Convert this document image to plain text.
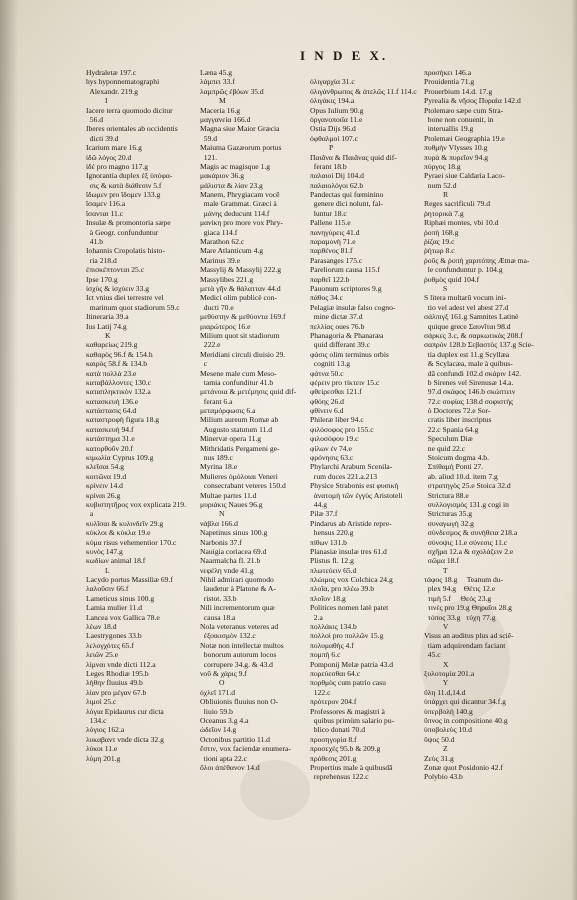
I N D E X.
Hydraletæ 197.c
hys hyponnematographi
Alexandr. 219.g
I
Iacere terra quomodo dicitur
56.d
Iberes orientales ab occidentis
dicti 39.d
Icarium mare 16.g
ἰδῶ λόγος 20.d
ἰδέ pro magno 117.g
Ignorantia duplex ἐξ ὑπόφα-
σις & κατὰ διάθεσιν 5.f
ἴδωμεν pro ἴδομεν 133.g
ἴσαμεν 116.a
ἴσανται 11.c
Insulæ & promontoria sæpe
à Geogr. confunduntur
41.b
Iohannis Cropolatis histo-
ria 218.d
ἐπισκέπτονται 25.c
Ipse 170.g
ἰσχὺς & ἰσχύειν 33.g
Ict vnius diei terrestre vel
marinum quot stadiorum 59.c
Itineraria 39.a
Ius Latij 74.g
K
καθαρείως 219.g
καθαρὸς 96.f & 154.h
καιρὸς 58.f & 134.b
κατὰ πολλὰ 23.e
καταβάλλοντες 130.c
καταπληκτικὸν 132.a
κατασκευὴ 136.e
κατάστασις 64.d
καταστροφὴ figura 18.g
κατασκευὴ 94.f
κατάστημα 31.e
κατορθοῦν 20.f
κιμωλία Cyprus 109.g
κλεῖσαι 54.g
κοιτῶνα 19.d
κρίνειν 14.d
κρίναι 26.g
κυβιστητῆρος vox explicata 219.
a
κυλῖσαι & κυλινδεῖν 29.g
κύκλοι & κύκλα 19.e
κύμα risus vehementior 170.c
κυνὸς 147.g
κωδίων animal 18.f
L
Lacydo portus Massiliæ 69.f
λαλοῦσιν 66.f
Lameticus sinus 100.g
Lamia mulier 11.d
Lancea vox Gallica 78.e
λέων 18.d
Laestrygones 33.b
λελογχότες 65.f
λειῶν 25.e
λίμναι vnde dicti 112.a
Leges Rhodiæ 195.b
λήθην fluuius 49.b
λίαν pro μέγαν 67.b
λιμοὶ 25.c
λόγια Epidaurus cur dicta
134.c
λόγιος 162.a
λυκαβαντ vnde dicta 32.g
λύκοι 11.e
λύμη 201.g
Læna 45.g
λάμπει 33.f
λαμπρῶς ἐβόων 35.d
M
Maceria 16.g
μαγγανεία 166.d
Magna siue Maior Græcia
59.d
Maiuma Gazæorum portus
121.
Magis ac magisque 1.g
μακάριον 36.g
μάλιστα & λίαν 23.g
Manem, Phrygiacam vocē
male Grammat. Græci à
μάνης deducunt 114.f
μανίκη pro more vox Phry-
giaca 114.f
Marathon 62.c
Mare Atlanticum 4.g
Marinus 39.e
Massylij & Massylij 222.g
Massylibes 221.g
μετὰ γῆν & θάλατταν 44.d
Medici olim publicè con-
ducti 70.e
μεθύστην & μεθύοντα 169.f
μιαρώτερος 16.e
Milium quot sit stadiorum
222.e
Meridiani circuli diuisio 29.
c
Mesene male cum Meso-
tamia confunditur 41.b
μετάνοια & μετέμησις quid dif-
ferant 6.a
μεταμόρφωσις 6.a
Milium aureum Romæ ab
Augusto statutum 11.d
Minervæ opera 11.g
Mithridatis Pergameni ge-
nus 189.c
Myrina 18.e
Mulieres ὁμόλοιαι Veneri
consecrabant veteres 150.d
Multae partes 11.d
μυριάκις Naues 96.g
N
νάβλα 166.d
Napetinus sinus 100.g
Narbonis 37.f
Nauigia coriacea 69.d
Naarmalcha fl. 21.b
νεφέλη vnde 41.g
Nihil admirari quomodo
laudetur à Platone & A-
ristot. 33.b
Nili incrementorum quæ
causa 18.a
Nola veteranus veteres ad
ἐξοικισμὸν 132.c
Notæ non intellectæ multos
bonorum autorum locos
corrupere 34.g. & 43.d
νοῦ & χάρις 9.f
O
ὀχλεῖ 171.d
Obliuionis fluuius non O-
liuio 59.b
Oceanus 3.g 4.a
ὠδεῖον 14.g
Octonibus partitio 11.d
ἔστιν, vox faciendæ enumera-
tioni apta 22.c
ὅλοι ἀπέθανον 14.d
ὀλιγαρχία 31.c
ὀλιγάνθρωπος & ἀτελῶς 11.f 114.c
ὀλιγάκις 194.a
Opus Iulium 90.g
ὀργανοποιΐα 11.e
Ostia Dijs 96.d
ὀφθαλμοί 107.c
P
Παιᾶνα & Παιᾶνας quid dif-
ferant 18.b
παλαιοὶ Dij 104.d
παλαιολόγοι 62.b
Pandectas qui fœminino
genere dici nolunt, fal-
luntur 18.c
Pallene 115.e
πανηγύρεις 41.d
παραμονὴ 71.e
παρθένος 81.f
Parasanges 175.c
Pareliorum causa 115.f
παρθεῖ 122.b
Pauonum scriptores 9.g
πάθος 34.c
Pelagiæ insulæ falso cogno-
mine dictæ 37.d
πελλίας oues 76.b
Phanagoria & Phanaræa
quid differant 39.c
φάσις olim terminus orbis
cogniti 13.g
φάτνα 50.c
φέρειν pro τίκτειν 15.c
φθείρεσθαι 121.f
φθόης 26.d
φθίνειν 6.d
Phileræ liber 94.c
φιλόσοφος pro 155.c
φιλοσόφου 19.c
φίλων ἐν 74.e
φρόνησις 63.c
Phylarchi Arabum Scenila-
rum duces 221.a.213
Physice Strabonis est φυσικὴ
ἀνατομὴ τῶν ἐγγὺς Aristoteli
44.g
Pilæ 37.f
Pindarus ab Aristide repre-
hensus 220.g
πίθων 131.b
Planasiæ insulæ tres 61.d
Plistus fl. 12.g
πλωτεύειν 65.d
πλώιμος vox Colchica 24.g
πλοῖα, pro πλέω 39.b
πλοῖον 18.g
Politices nomen latè patet
2.a
πολλάκις 134.b
πολλοὶ pro πολλῶν 15.g
πολυμαθὴς 4.f
πομπὴ 6.c
Pomponij Melæ patria 43.d
πορεύεσθαι 64.c
πορθμὸς cum patrio casu
122.c
πρότερον 204.f
Professores & magistri à
quibus primùm salario pu-
blico donati 70.d
προσηγορία 8.f
προσεχές 95.b & 209.g
πρόθεσις 201.g
Propertius male à quibusdā
reprehensus 122.c
προσήκει 146.a
Prouidentia 71.g
Prouerbium 14.d. 17.g
Pyrealia & νῆσος Πυραία 142.d
Ptolemæo sæpe cum Stra-
bone non conuenit, in
interuallis 19.g
Ptolemæi Geographia 19.e
πυθμὴν Vlysses 10.g
πυρὰ & πυρεῖον 94.g
πύργος 18.g
Pyraei siue Caldaria Laco-
num 52.d
R
Reges sacrificuli 79.d
ῥητορικὰ 7.g
Riphæi montes, vbi 10.d
ῥοπὴ 168.g
ῥίζας 19.c
ῥήτωρ 8.c
ῥοῦς & ῥοπὴ χαριτόπης Ætnæ ma-
le confunduntur p. 104.g
ῥυθμὸς quid 104.f
S
S litera multarū vocum ini-
tio vel adest vel abest 27.d
σάλπιγξ 161.g Samnites Latinè
quique grece Σαυνῖται 98.d
σάρκες 3.c, & σαρκωτικὰς 208.f
σαπρὸν 128.b Σεβαστὸς 137.g Scie-
tia duplex est 11.g Scyllæa
& Scylacæa, male à quibus-
dā confundi 102.d σκάριν 142.
b Sirenes vel Sirenusæ 14.a.
97.d σκάφος 146.b σκώπτειν
72.c σοφίας 138.d σοφιστὴς
ὁ Doctores 72.e Sor-
cratis liber inscriptus
22.c Spania 64.g
Speculum Diæ
ne quid 22.c
Stoicum dogma 4.b.
Σπίθαμὴ Ponti 27.
ab. aliud 10.d. item 7.g
στρατηγὸς 25.e Stoica 32.d
Strictura 88.e
συλλογισμὸς 131.g cogi in
Stricturas 35.g
συναγωγὴ 32.g
σύνδεσμος & συνήθεια 218.a
σύνοψις 11.e σύνεσις 11.c
σχῆμα 12.a & σχολάζειν 2.e
σῶμα 18.f
T
τάφος 18.g     Teanum du-
plex 94.g    Θέτις 12.e
τιμὴ 5.f     Θεός 23.g
τινὲς pro 19.g Θηραῖοι 28.g
τόπος 33.g   τύχη 77.g
V
Visus an auditus plus ad sciē-
tiam adquirendam faciant
45.c
X
ξυλοτομία 201.a
Y
ὕλη 11.d,14.d
ὑπάρχει qui dicantur 34.f.g
ὑπερβολή 140.g
ὕπνος in compositione 40.g
ὑποβολεὺς 10.d
ὕψος 50.d
Z
Ζεὺς 31.g
Zonæ quot Posidonio 42.f
Polybio 43.b
